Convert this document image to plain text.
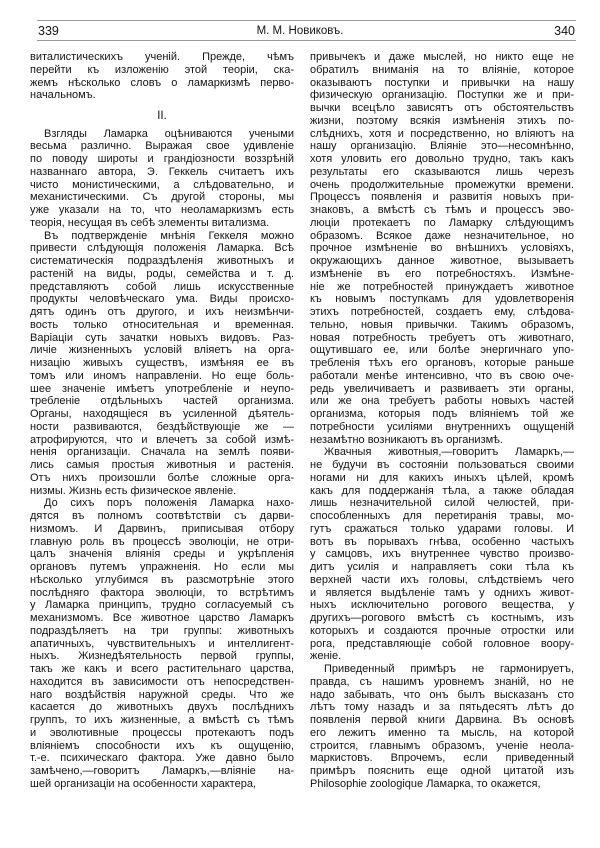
339	М. М. Новиковъ.	340
виталистическихъ ученій. Прежде, чѣмъ
перейти къ изложенію этой теоріи, ска-
жемъ нѣсколько словъ о ламаркизмѣ перво-
начальномъ.
II.
Взгляды Ламарка оцѣниваются учеными
весьма различно. Выражая свое удивленіе
по поводу широты и грандіозности воззрѣній
названнаго автора, Э. Геккель считаетъ ихъ
чисто монистическими, а слѣдовательно, и
механистическими. Съ другой стороны, мы
уже указали на то, что неоламаркизмъ есть
теорія, несущая въ себѣ элементы витализма.
Въ подтвержденіе мнѣнія Геккеля можно
привести слѣдующія положенія Ламарка. Всѣ
систематическія подраздѣленія животныхъ и
растеній на виды, роды, семейства и т. д.
представляютъ собой лишь искусственные
продукты человѣческаго ума. Виды происхо-
дятъ одинъ отъ другого, и ихъ неизмѣнчи-
вость только относительная и временная.
Варіаціи суть зачатки новыхъ видовъ. Раз-
личіе жизненныхъ условій вліяетъ на орга-
низацію живыхъ существъ, измѣняя ее въ
томъ или иномъ направленіи. Но еще боль-
шее значеніе имѣетъ употребленіе и неупо-
требленіе отдѣльныхъ частей организма.
Органы, находящіеся въ усиленной дѣятель-
ности развиваются, бездѣйствующіе же —
атрофируются, что и влечетъ за собой измѣ-
ненія организаціи. Сначала на землѣ появи-
лись самыя простыя животныя и растенія.
Отъ нихъ произошли болѣе сложные орга-
низмы. Жизнь есть физическое явленіе.
До сихъ поръ положенія Ламарка нахо-
дятся въ полномъ соотвѣтствіи съ дарви-
низмомъ. И Дарвинъ, приписывая отбору
главную роль въ процессѣ эволюціи, не отри-
цалъ значенія вліянія среды и укрѣпленія
органовъ путемъ упражненія. Но если мы
нѣсколько углубимся въ разсмотрѣніе этого
послѣдняго фактора эволюціи, то встрѣтимъ
у Ламарка принципъ, трудно согласуемый съ
механизмомъ. Все животное царство Ламаркъ
подраздѣляетъ на три группы: животныхъ
апатичныхъ, чувствительныхъ и интеллигент-
ныхъ. Жизнедѣятельность первой группы,
такъ же какъ и всего растительнаго царства,
находится въ зависимости отъ непосредствен-
наго воздѣйствія наружной среды. Что же
касается до животныхъ двухъ послѣднихъ
группъ, то ихъ жизненные, а вмѣстѣ съ тѣмъ
и эволютивные процессы протекаютъ подъ
вліяніемъ способности ихъ къ ощущенію,
т.-е. психическаго фактора. Уже давно было
замѣчено,—говоритъ Ламаркъ,—вліяніе на-
шей организаціи на особенности характера,
привычекъ и даже мыслей, но никто еще не
обратилъ вниманія на то вліяніе, которое
оказываютъ поступки и привычки на нашу
физическую организацію. Поступки же и при-
вычки всецѣло зависятъ отъ обстоятельствъ
жизни, поэтому всякія измѣненія этихъ по-
слѣднихъ, хотя и посредственно, но вліяютъ на
нашу организацію. Вліяніе это—несомнѣнно,
хотя уловить его довольно трудно, такъ какъ
результаты его сказываются лишь черезъ
очень продолжительные промежутки времени.
Процессъ появленія и развитія новыхъ при-
знаковъ, а вмѣстѣ съ тѣмъ и процессъ эво-
люціи протекаетъ по Ламарку слѣдующимъ
образомъ. Всякое даже незначительное, но
прочное измѣненіе во внѣшнихъ условіяхъ,
окружающихъ данное животное, вызываетъ
измѣненіе въ его потребностяхъ. Измѣне-
ніе же потребностей принуждаетъ животное
къ новымъ поступкамъ для удовлетворенія
этихъ потребностей, создаетъ ему, слѣдова-
тельно, новыя привычки. Такимъ образомъ,
новая потребность требуетъ отъ животнаго,
ощутившаго ее, или болѣе энергичнаго упо-
требленія тѣхъ его органовъ, которые раньше
работали менѣе интенсивно, что въ свою оче-
редь увеличиваетъ и развиваетъ эти органы,
или же она требуетъ работы новыхъ частей
организма, которыя подъ вліяніемъ той же
потребности усиліями внутреннихъ ощущеній
незамѣтно возникаютъ въ организмѣ.
Жвачныя животныя,—говоритъ Ламаркъ,—
не будучи въ состояніи пользоваться своими
ногами ни для какихъ иныхъ цѣлей, кромѣ
какъ для поддержанія тѣла, а также обладая
лишь незначительной силой челюстей, при-
способленныхъ для перетиранія травы, мо-
гутъ сражаться только ударами головы. И
вотъ въ порывахъ гнѣва, особенно частыхъ
у самцовъ, ихъ внутреннее чувство произво-
дитъ усилія и направляетъ соки тѣла къ
верхней части ихъ головы, слѣдствіемъ чего
и является выдѣленіе тамъ у однихъ живот-
ныхъ исключительно рогового вещества, у
другихъ—рогового вмѣстѣ съ костнымъ, изъ
которыхъ и создаются прочные отростки или
рога, представляющіе собой головное воору-
женіе.
Приведенный примѣръ не гармонируетъ,
правда, съ нашимъ уровнемъ знаній, но не
надо забывать, что онъ былъ высказанъ сто
лѣтъ тому назадъ и за пятьдесятъ лѣтъ до
появленія первой книги Дарвина. Въ основѣ
его лежитъ именно та мысль, на которой
строится, главнымъ образомъ, ученіе неола-
маркистовъ. Впрочемъ, если приведенный
примѣръ пояснить еще одной цитатой изъ
Philosophie zoologique Ламарка, то окажется,
